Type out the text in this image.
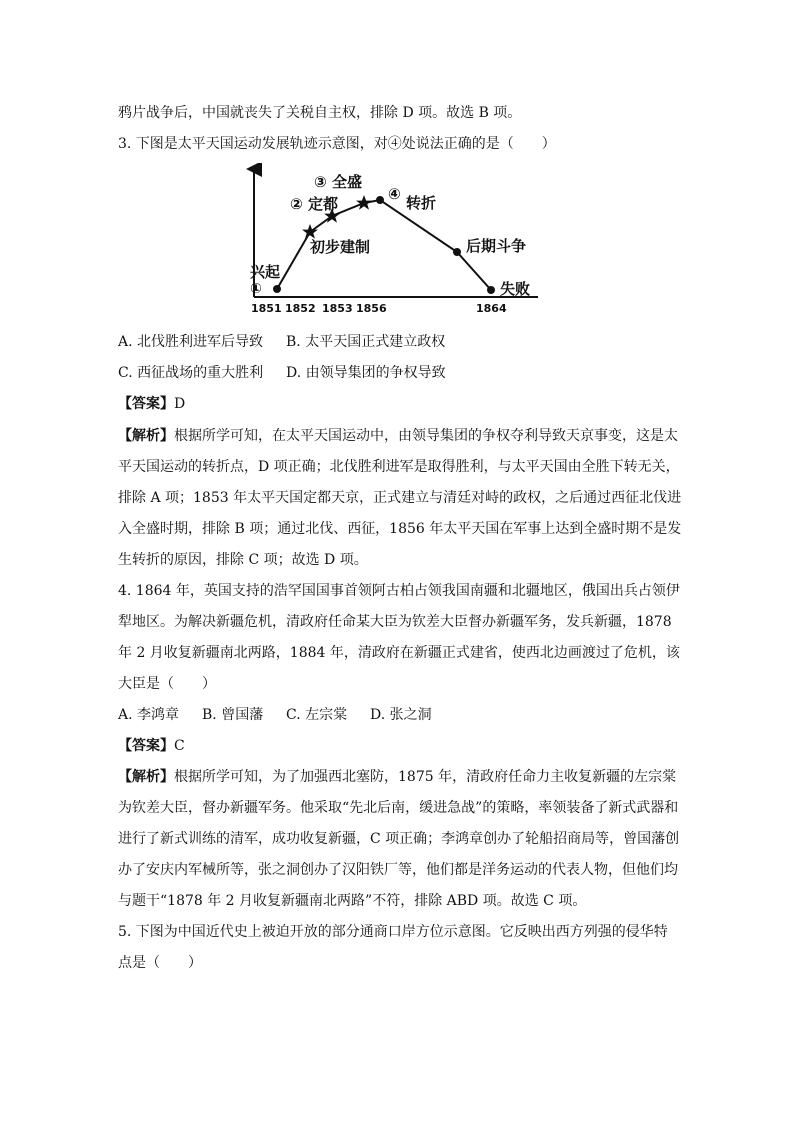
鸦片战争后，中国就丧失了关税自主权，排除 D 项。故选 B 项。
3. 下图是太平天国运动发展轨迹示意图，对④处说法正确的是（　　）
兴起
①
② 定都
③ 全盛
④ 转折
初步建制	后期斗争
失败
1851 1852 1853 1856	1864
A. 北伐胜利进军后导致 B. 太平天国正式建立政权
C. 西征战场的重大胜利 D. 由领导集团的争权导致
【答案】D
【解析】根据所学可知，在太平天国运动中，由领导集团的争权夺利导致天京事变，这是太
平天国运动的转折点，D 项正确；北伐胜利进军是取得胜利，与太平天国由全胜下转无关，
排除 A 项；1853 年太平天国定都天京，正式建立与清廷对峙的政权，之后通过西征北伐进
入全盛时期，排除 B 项；通过北伐、西征，1856 年太平天国在军事上达到全盛时期不是发
生转折的原因，排除 C 项；故选 D 项。
4. 1864 年，英国支持的浩罕国国事首领阿古柏占领我国南疆和北疆地区，俄国出兵占领伊
犁地区。为解决新疆危机，清政府任命某大臣为钦差大臣督办新疆军务，发兵新疆，1878
年 2 月收复新疆南北两路，1884 年，清政府在新疆正式建省，使西北边画渡过了危机，该
大臣是（　　）
A. 李鸿章 B. 曾国藩 C. 左宗棠 D. 张之洞
【答案】C
【解析】根据所学可知，为了加强西北塞防，1875 年，清政府任命力主收复新疆的左宗棠
为钦差大臣，督办新疆军务。他采取“先北后南，缓进急战”的策略，率领装备了新式武器和
进行了新式训练的清军，成功收复新疆，C 项正确；李鸿章创办了轮船招商局等，曾国藩创
办了安庆内军械所等，张之洞创办了汉阳铁厂等，他们都是洋务运动的代表人物，但他们均
与题干“1878 年 2 月收复新疆南北两路”不符，排除 ABD 项。故选 C 项。
5. 下图为中国近代史上被迫开放的部分通商口岸方位示意图。它反映出西方列强的侵华特
点是（　　）
